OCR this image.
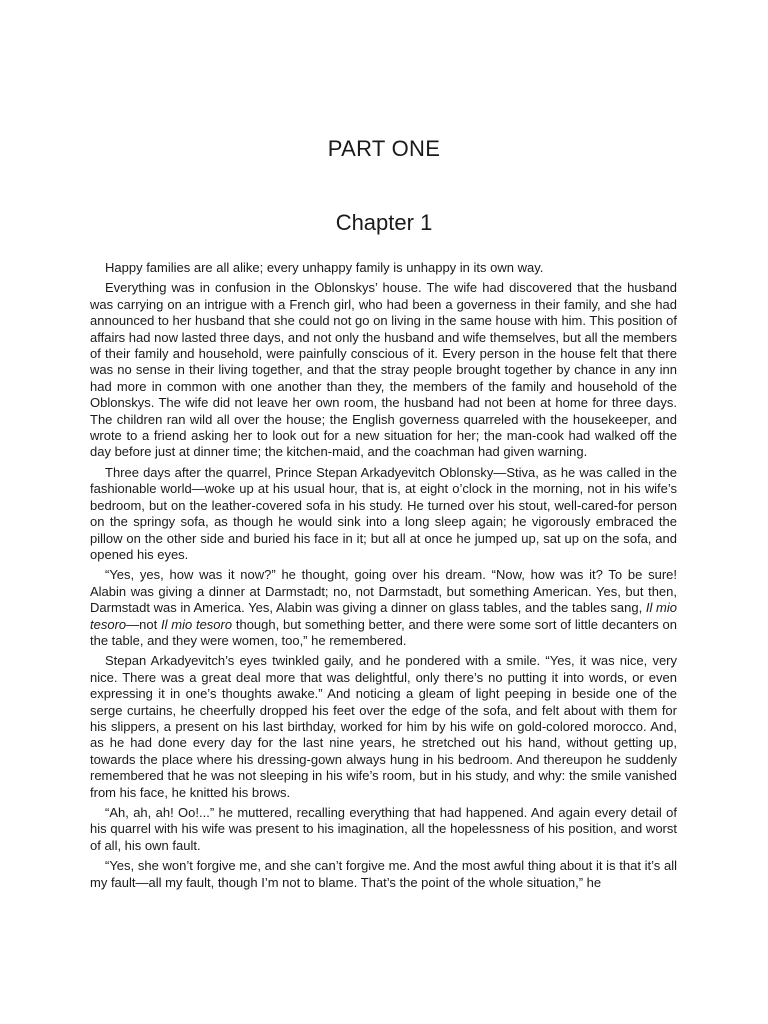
PART ONE
Chapter 1

Happy families are all alike; every unhappy family is unhappy in its own way.

Everything was in confusion in the Oblonskys’ house. The wife had discovered that the husband was carrying on an intrigue with a French girl, who had been a governess in their family, and she had announced to her husband that she could not go on living in the same house with him. This position of affairs had now lasted three days, and not only the husband and wife themselves, but all the members of their family and household, were painfully conscious of it. Every person in the house felt that there was no sense in their living together, and that the stray people brought together by chance in any inn had more in common with one another than they, the members of the family and household of the Oblonskys. The wife did not leave her own room, the husband had not been at home for three days. The children ran wild all over the house; the English governess quarreled with the housekeeper, and wrote to a friend asking her to look out for a new situation for her; the man-cook had walked off the day before just at dinner time; the kitchen-maid, and the coachman had given warning.

Three days after the quarrel, Prince Stepan Arkadyevitch Oblonsky—Stiva, as he was called in the fashionable world—woke up at his usual hour, that is, at eight o’clock in the morning, not in his wife’s bedroom, but on the leather-covered sofa in his study. He turned over his stout, well-cared-for person on the springy sofa, as though he would sink into a long sleep again; he vigorously embraced the pillow on the other side and buried his face in it; but all at once he jumped up, sat up on the sofa, and opened his eyes.

“Yes, yes, how was it now?” he thought, going over his dream. “Now, how was it? To be sure! Alabin was giving a dinner at Darmstadt; no, not Darmstadt, but something American. Yes, but then, Darmstadt was in America. Yes, Alabin was giving a dinner on glass tables, and the tables sang, Il mio tesoro—not Il mio tesoro though, but something better, and there were some sort of little decanters on the table, and they were women, too,” he remembered.

Stepan Arkadyevitch’s eyes twinkled gaily, and he pondered with a smile. “Yes, it was nice, very nice. There was a great deal more that was delightful, only there’s no putting it into words, or even expressing it in one’s thoughts awake.” And noticing a gleam of light peeping in beside one of the serge curtains, he cheerfully dropped his feet over the edge of the sofa, and felt about with them for his slippers, a present on his last birthday, worked for him by his wife on gold-colored morocco. And, as he had done every day for the last nine years, he stretched out his hand, without getting up, towards the place where his dressing-gown always hung in his bedroom. And thereupon he suddenly remembered that he was not sleeping in his wife’s room, but in his study, and why: the smile vanished from his face, he knitted his brows.

“Ah, ah, ah! Oo!...” he muttered, recalling everything that had happened. And again every detail of his quarrel with his wife was present to his imagination, all the hopelessness of his position, and worst of all, his own fault.

“Yes, she won’t forgive me, and she can’t forgive me. And the most awful thing about it is that it’s all my fault—all my fault, though I’m not to blame. That’s the point of the whole situation,” he
